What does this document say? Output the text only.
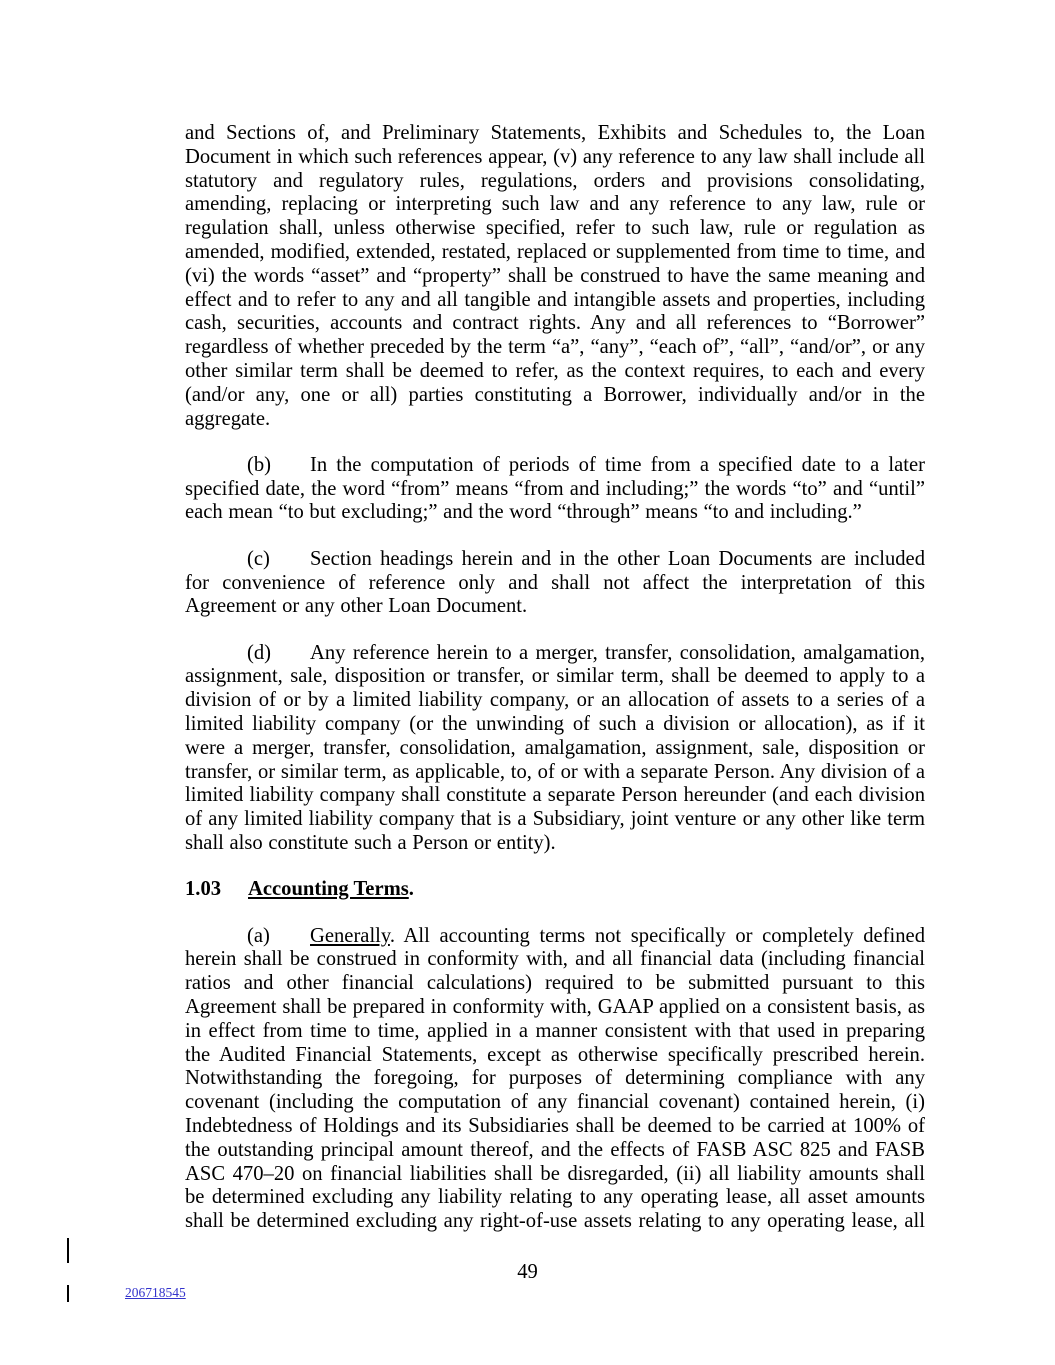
and Sections of, and Preliminary Statements, Exhibits and Schedules to, the Loan Document in which such references appear, (v) any reference to any law shall include all statutory and regulatory rules, regulations, orders and provisions consolidating, amending, replacing or interpreting such law and any reference to any law, rule or regulation shall, unless otherwise specified, refer to such law, rule or regulation as amended, modified, extended, restated, replaced or supplemented from time to time, and (vi) the words “asset” and “property” shall be construed to have the same meaning and effect and to refer to any and all tangible and intangible assets and properties, including cash, securities, accounts and contract rights. Any and all references to “Borrower” regardless of whether preceded by the term “a”, “any”, “each of”, “all”, “and/or”, or any other similar term shall be deemed to refer, as the context requires, to each and every (and/or any, one or all) parties constituting a Borrower, individually and/or in the aggregate.

(b) In the computation of periods of time from a specified date to a later specified date, the word “from” means “from and including;” the words “to” and “until” each mean “to but excluding;” and the word “through” means “to and including.”

(c) Section headings herein and in the other Loan Documents are included for convenience of reference only and shall not affect the interpretation of this Agreement or any other Loan Document.

(d) Any reference herein to a merger, transfer, consolidation, amalgamation, assignment, sale, disposition or transfer, or similar term, shall be deemed to apply to a division of or by a limited liability company, or an allocation of assets to a series of a limited liability company (or the unwinding of such a division or allocation), as if it were a merger, transfer, consolidation, amalgamation, assignment, sale, disposition or transfer, or similar term, as applicable, to, of or with a separate Person. Any division of a limited liability company shall constitute a separate Person hereunder (and each division of any limited liability company that is a Subsidiary, joint venture or any other like term shall also constitute such a Person or entity).

1.03 Accounting Terms.

(a) Generally. All accounting terms not specifically or completely defined herein shall be construed in conformity with, and all financial data (including financial ratios and other financial calculations) required to be submitted pursuant to this Agreement shall be prepared in conformity with, GAAP applied on a consistent basis, as in effect from time to time, applied in a manner consistent with that used in preparing the Audited Financial Statements, except as otherwise specifically prescribed herein. Notwithstanding the foregoing, for purposes of determining compliance with any covenant (including the computation of any financial covenant) contained herein, (i) Indebtedness of Holdings and its Subsidiaries shall be deemed to be carried at 100% of the outstanding principal amount thereof, and the effects of FASB ASC 825 and FASB ASC 470–20 on financial liabilities shall be disregarded, (ii) all liability amounts shall be determined excluding any liability relating to any operating lease, all asset amounts shall be determined excluding any right-of-use assets relating to any operating lease, all

49
206718545
